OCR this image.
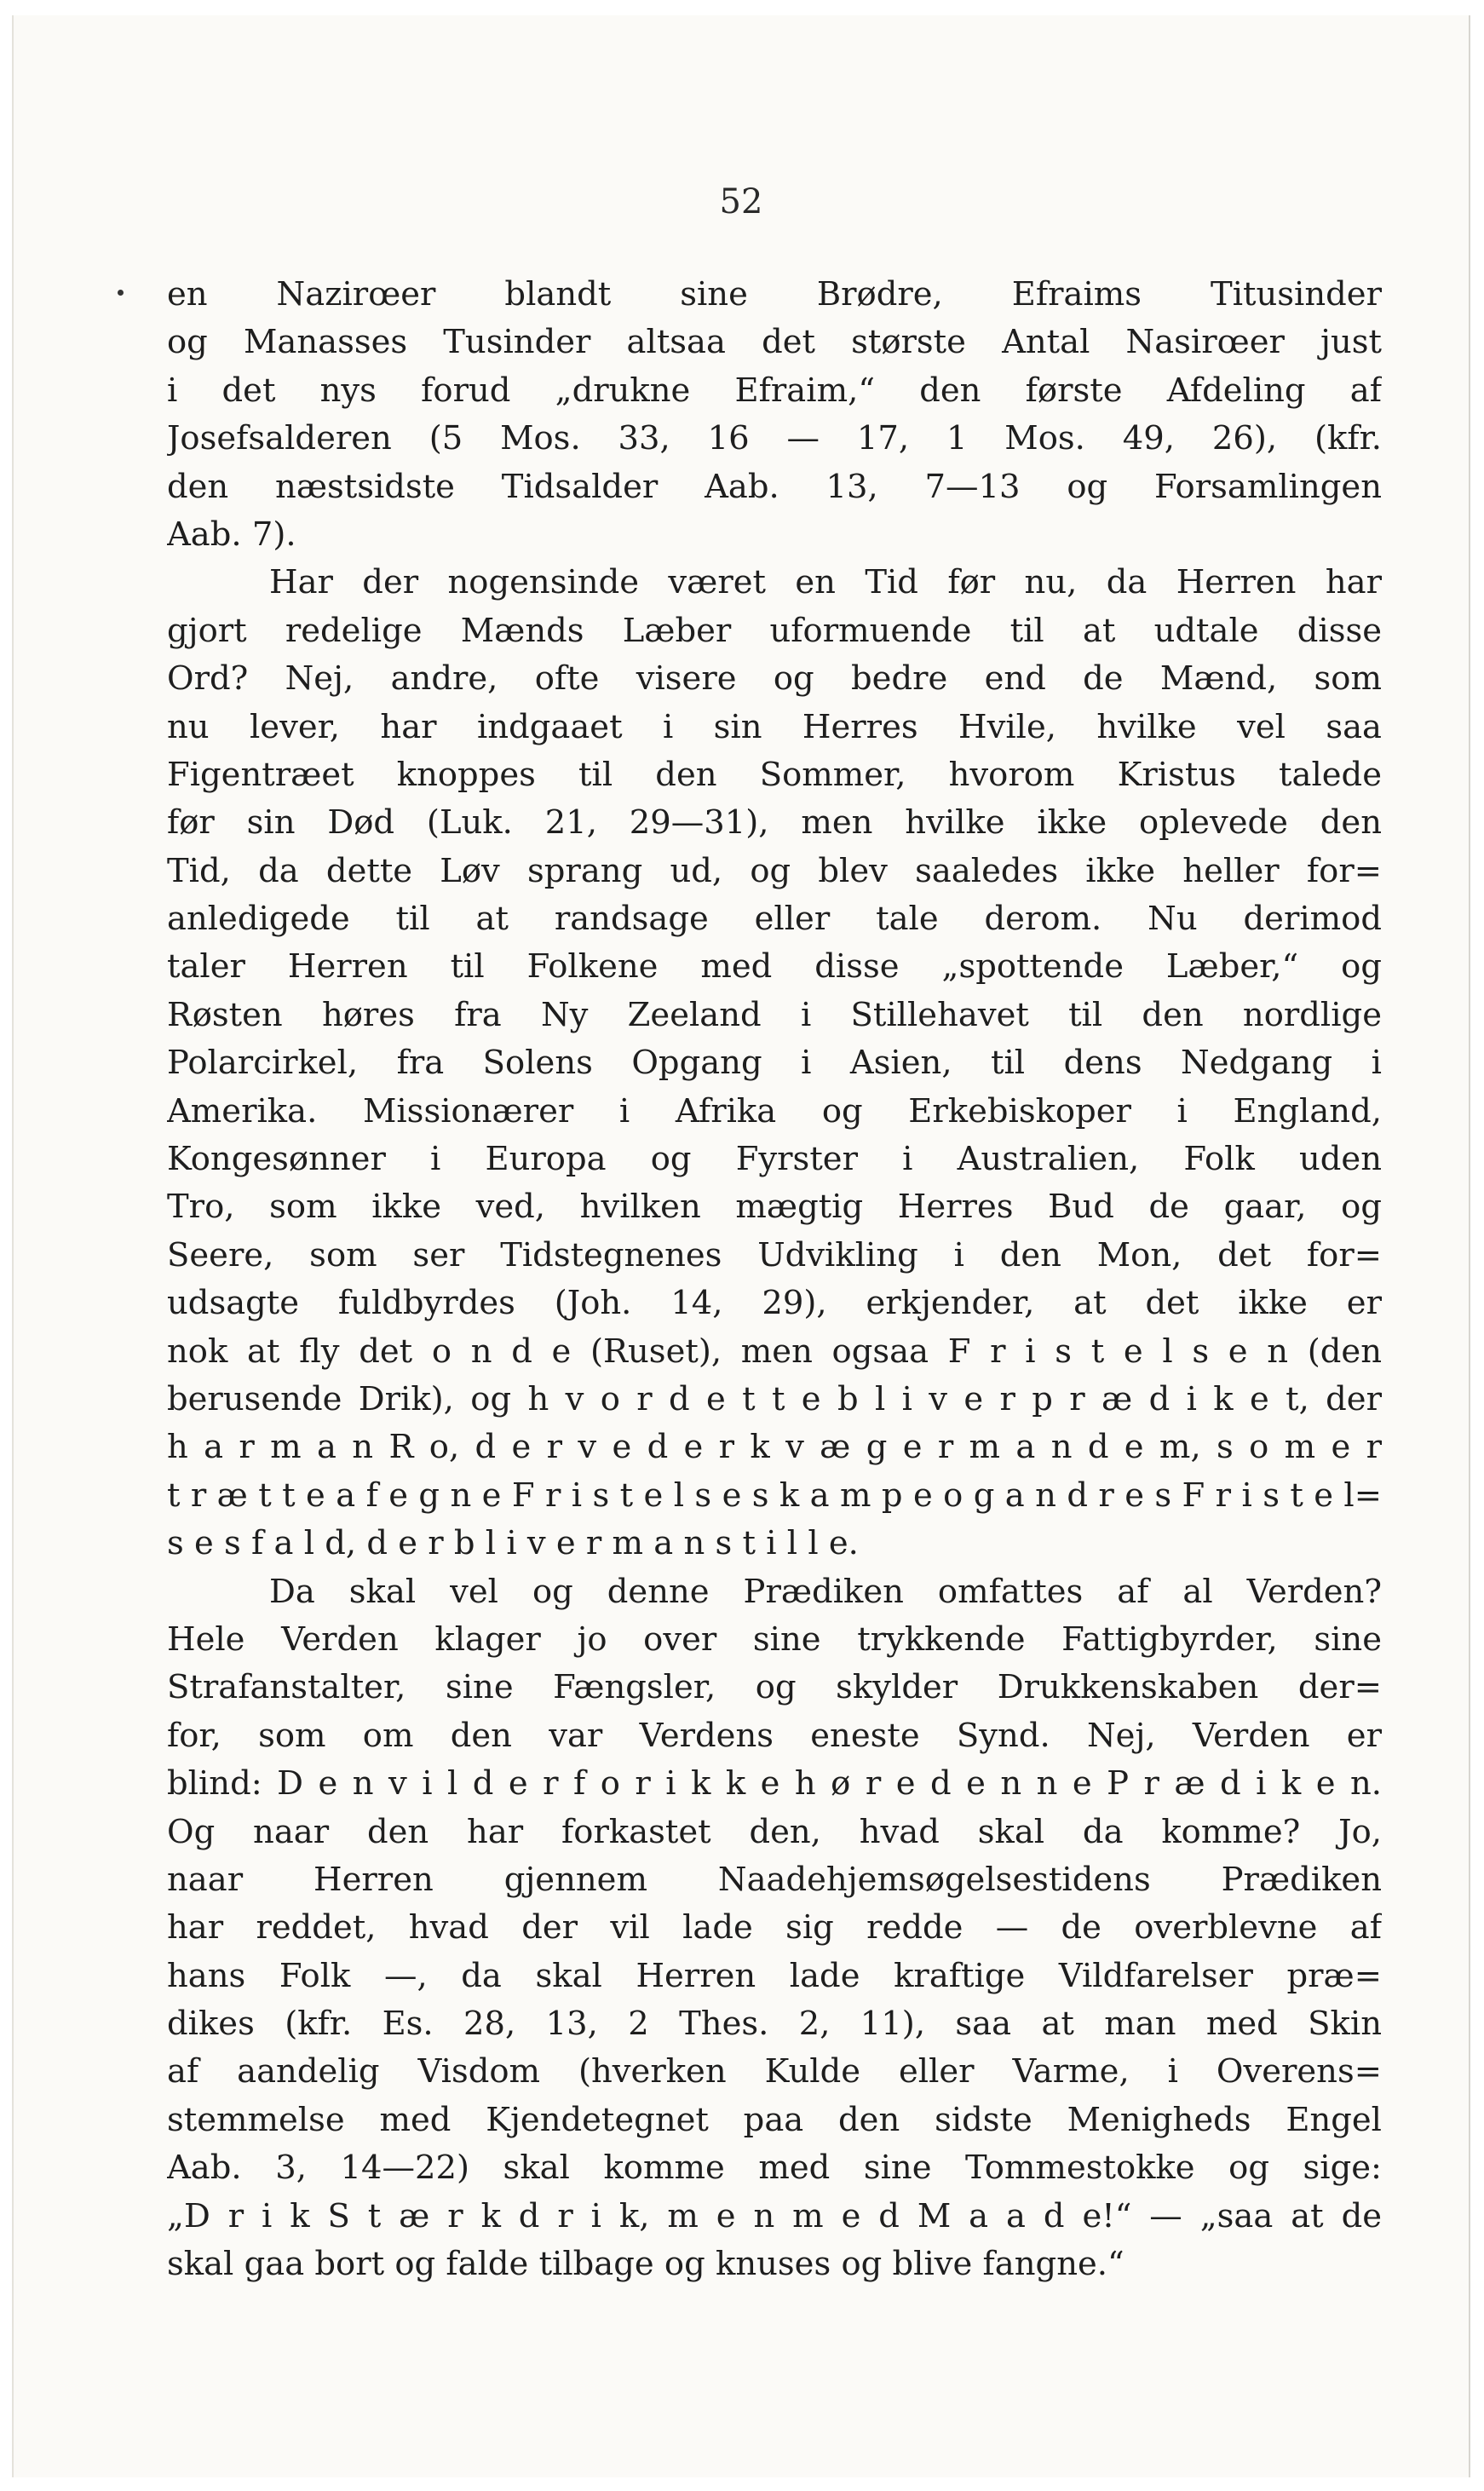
52
en Nazirœer blandt sine Brødre, Efraims Titusinder
og Manasses Tusinder altsaa det største Antal Nasirœer just
i det nys forud „drukne Efraim,“ den første Afdeling af
Josefsalderen (5 Mos. 33, 16 — 17, 1 Mos. 49, 26), (kfr.
den næstsidste Tidsalder Aab. 13, 7—13 og Forsamlingen
Aab. 7).
Har der nogensinde været en Tid før nu, da Herren har
gjort redelige Mænds Læber uformuende til at udtale disse
Ord? Nej, andre, ofte visere og bedre end de Mænd, som
nu lever, har indgaaet i sin Herres Hvile, hvilke vel saa
Figentræet knoppes til den Sommer, hvorom Kristus talede
før sin Død (Luk. 21, 29—31), men hvilke ikke oplevede den
Tid, da dette Løv sprang ud, og blev saaledes ikke heller for=
anledigede til at randsage eller tale derom. Nu derimod
taler Herren til Folkene med disse „spottende Læber,“ og
Røsten høres fra Ny Zeeland i Stillehavet til den nordlige
Polarcirkel, fra Solens Opgang i Asien, til dens Nedgang i
Amerika. Missionærer i Afrika og Erkebiskoper i England,
Kongesønner i Europa og Fyrster i Australien, Folk uden
Tro, som ikke ved, hvilken mægtig Herres Bud de gaar, og
Seere, som ser Tidstegnenes Udvikling i den Mon, det for=
udsagte fuldbyrdes (Joh. 14, 29), erkjender, at det ikke er
nok at fly det o n d e (Ruset), men ogsaa F r i s t e l s e n (den
berusende Drik), og h v o r d e t t e b l i v e r p r æ d i k e t, der
h a r m a n R o, d e r v e d e r k v æ g e r m a n d e m, s o m e r
t r æ t t e a f e g n e F r i s t e l s e s k a m p e o g a n d r e s F r i s t e l=
s e s f a l d, d e r b l i v e r m a n s t i l l e.
Da skal vel og denne Prædiken omfattes af al Verden?
Hele Verden klager jo over sine trykkende Fattigbyrder, sine
Strafanstalter, sine Fængsler, og skylder Drukkenskaben der=
for, som om den var Verdens eneste Synd. Nej, Verden er
blind: D e n v i l d e r f o r i k k e h ø r e d e n n e P r æ d i k e n.
Og naar den har forkastet den, hvad skal da komme? Jo,
naar Herren gjennem Naadehjemsøgelsestidens Prædiken
har reddet, hvad der vil lade sig redde — de overblevne af
hans Folk —, da skal Herren lade kraftige Vildfarelser præ=
dikes (kfr. Es. 28, 13, 2 Thes. 2, 11), saa at man med Skin
af aandelig Visdom (hverken Kulde eller Varme, i Overens=
stemmelse med Kjendetegnet paa den sidste Menigheds Engel
Aab. 3, 14—22) skal komme med sine Tommestokke og sige:
„D r i k S t æ r k d r i k, m e n m e d M a a d e!“ — „saa at de
skal gaa bort og falde tilbage og knuses og blive fangne.“
